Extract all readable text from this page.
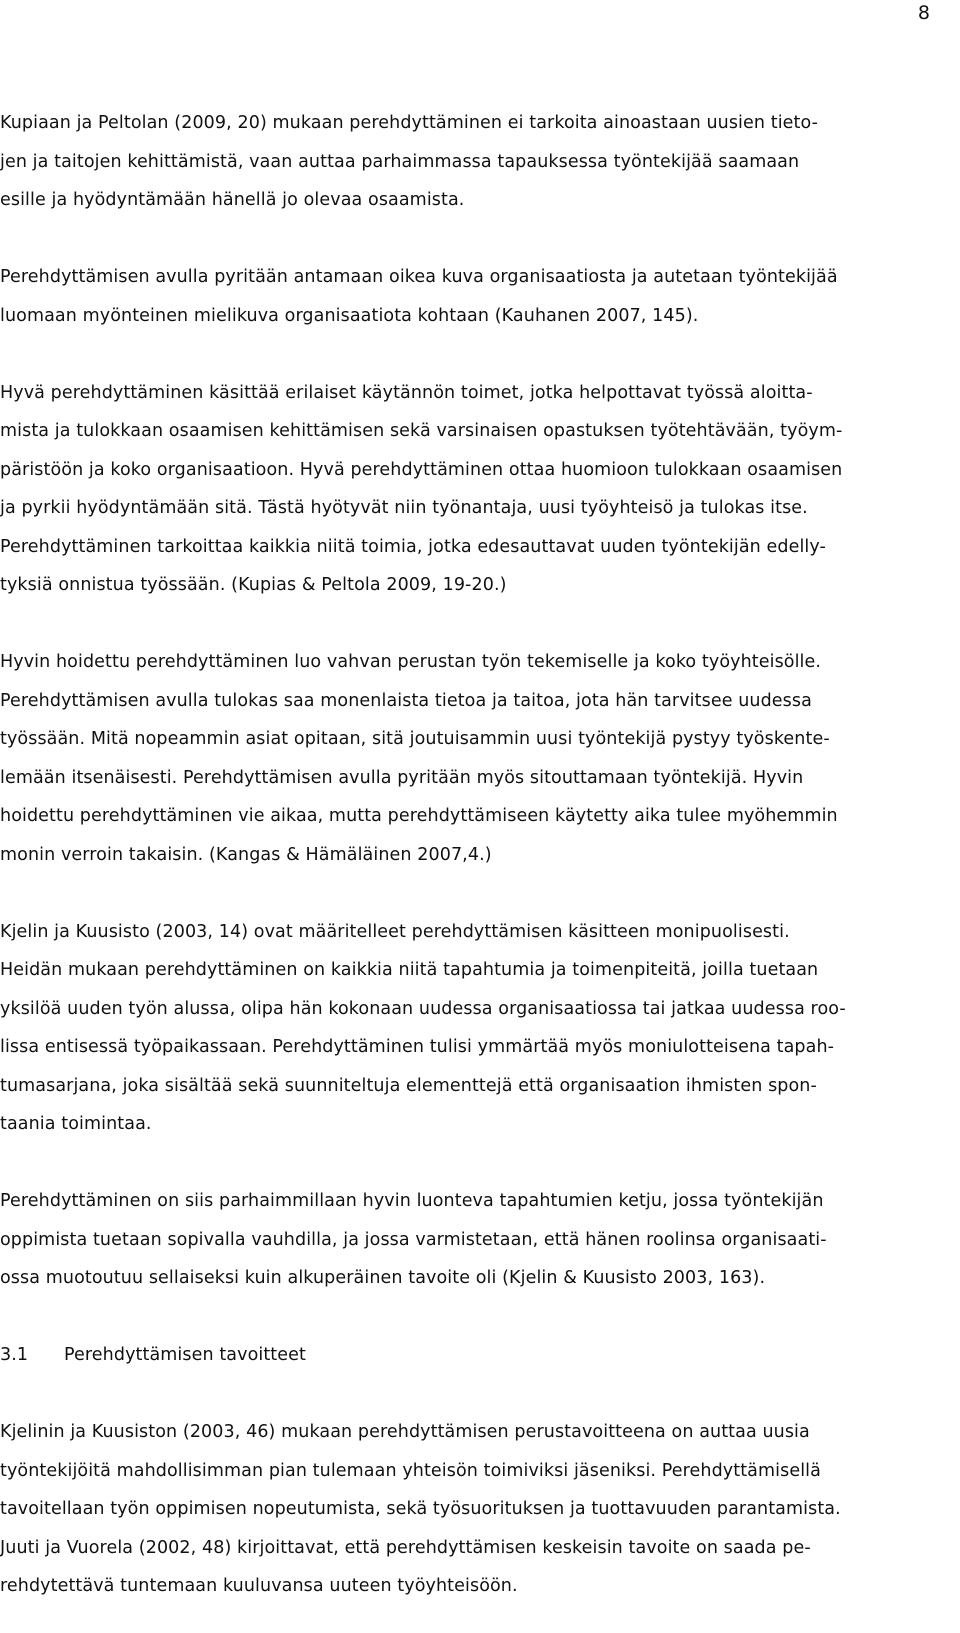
8

Kupiaan ja Peltolan (2009, 20) mukaan perehdyttäminen ei tarkoita ainoastaan uusien tieto-
jen ja taitojen kehittämistä, vaan auttaa parhaimmassa tapauksessa työntekijää saamaan
esille ja hyödyntämään hänellä jo olevaa osaamista.

Perehdyttämisen avulla pyritään antamaan oikea kuva organisaatiosta ja autetaan työntekijää
luomaan myönteinen mielikuva organisaatiota kohtaan (Kauhanen 2007, 145).

Hyvä perehdyttäminen käsittää erilaiset käytännön toimet, jotka helpottavat työssä aloitta-
mista ja tulokkaan osaamisen kehittämisen sekä varsinaisen opastuksen työtehtävään, työym-
päristöön ja koko organisaatioon. Hyvä perehdyttäminen ottaa huomioon tulokkaan osaamisen
ja pyrkii hyödyntämään sitä. Tästä hyötyvät niin työnantaja, uusi työyhteisö ja tulokas itse.
Perehdyttäminen tarkoittaa kaikkia niitä toimia, jotka edesauttavat uuden työntekijän edelly-
tyksiä onnistua työssään. (Kupias & Peltola 2009, 19-20.)

Hyvin hoidettu perehdyttäminen luo vahvan perustan työn tekemiselle ja koko työyhteisölle.
Perehdyttämisen avulla tulokas saa monenlaista tietoa ja taitoa, jota hän tarvitsee uudessa
työssään. Mitä nopeammin asiat opitaan, sitä joutuisammin uusi työntekijä pystyy työskente-
lemään itsenäisesti. Perehdyttämisen avulla pyritään myös sitouttamaan työntekijä. Hyvin
hoidettu perehdyttäminen vie aikaa, mutta perehdyttämiseen käytetty aika tulee myöhemmin
monin verroin takaisin. (Kangas & Hämäläinen 2007,4.)

Kjelin ja Kuusisto (2003, 14) ovat määritelleet perehdyttämisen käsitteen monipuolisesti.
Heidän mukaan perehdyttäminen on kaikkia niitä tapahtumia ja toimenpiteitä, joilla tuetaan
yksilöä uuden työn alussa, olipa hän kokonaan uudessa organisaatiossa tai jatkaa uudessa roo-
lissa entisessä työpaikassaan. Perehdyttäminen tulisi ymmärtää myös moniulotteisena tapah-
tumasarjana, joka sisältää sekä suunniteltuja elementtejä että organisaation ihmisten spon-
taania toimintaa.

Perehdyttäminen on siis parhaimmillaan hyvin luonteva tapahtumien ketju, jossa työntekijän
oppimista tuetaan sopivalla vauhdilla, ja jossa varmistetaan, että hänen roolinsa organisaati-
ossa muotoutuu sellaiseksi kuin alkuperäinen tavoite oli (Kjelin & Kuusisto 2003, 163).

3.1 Perehdyttämisen tavoitteet

Kjelinin ja Kuusiston (2003, 46) mukaan perehdyttämisen perustavoitteena on auttaa uusia
työntekijöitä mahdollisimman pian tulemaan yhteisön toimiviksi jäseniksi. Perehdyttämisellä
tavoitellaan työn oppimisen nopeutumista, sekä työsuorituksen ja tuottavuuden parantamista.
Juuti ja Vuorela (2002, 48) kirjoittavat, että perehdyttämisen keskeisin tavoite on saada pe-
rehdytettävä tuntemaan kuuluvansa uuteen työyhteisöön.
